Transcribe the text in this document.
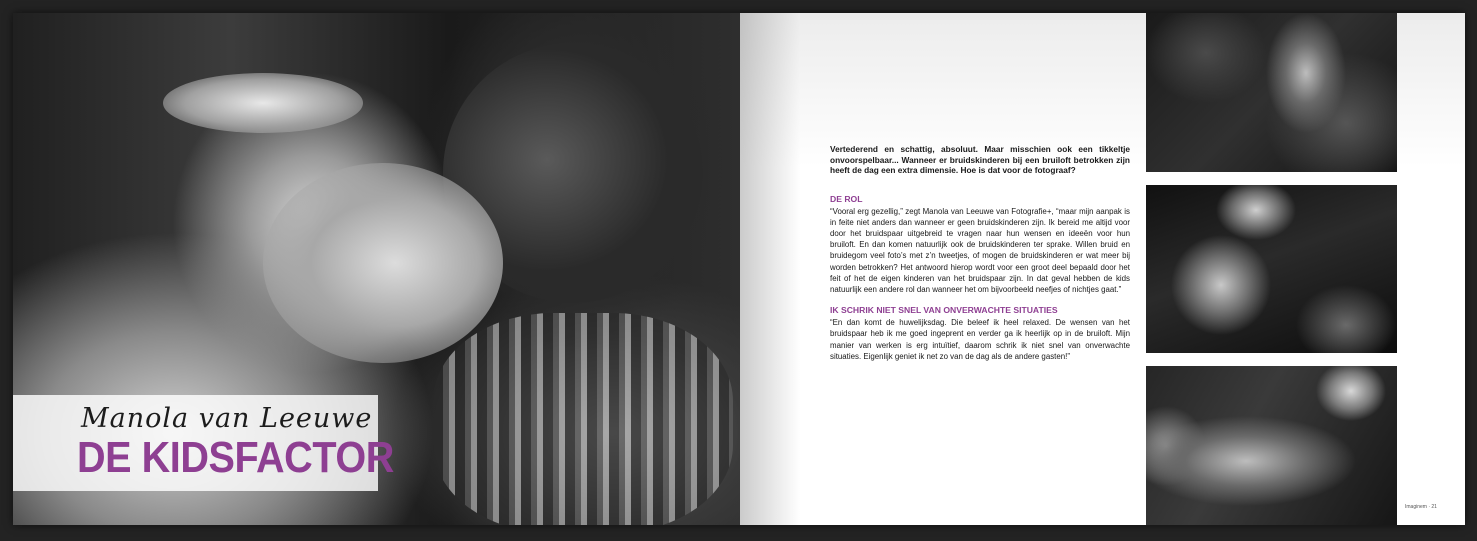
Manola van Leeuwe
DE KIDSFACTOR

Vertederend en schattig, absoluut. Maar misschien ook een tikkeltje onvoorspelbaar... Wanneer er bruidskinderen bij een bruiloft betrokken zijn heeft de dag een extra dimensie. Hoe is dat voor de fotograaf?

DE ROL

“Vooral erg gezellig,” zegt Manola van Leeuwe van Fotografie+, “maar mijn aanpak is in feite niet anders dan wanneer er geen bruidskinderen zijn. Ik bereid me altijd voor door het bruidspaar uitgebreid te vragen naar hun wensen en ideeën voor hun bruiloft. En dan komen natuurlijk ook de bruidskinderen ter sprake. Willen bruid en bruidegom veel foto’s met z’n tweetjes, of mogen de bruidskinderen er wat meer bij worden betrokken? Het antwoord hierop wordt voor een groot deel bepaald door het feit of het de eigen kinderen van het bruidspaar zijn. In dat geval hebben de kids natuurlijk een andere rol dan wanneer het om bijvoorbeeld neefjes of nichtjes gaat.”

IK SCHRIK NIET SNEL VAN ONVERWACHTE SITUATIES

“En dan komt de huwelijksdag. Die beleef ik heel relaxed. De wensen van het bruidspaar heb ik me goed ingeprent en verder ga ik heerlijk op in de bruiloft. Mijn manier van werken is erg intuïtief, daarom schrik ik niet snel van onverwachte situaties. Eigenlijk geniet ik net zo van de dag als de andere gasten!”

Imaginem · 21
